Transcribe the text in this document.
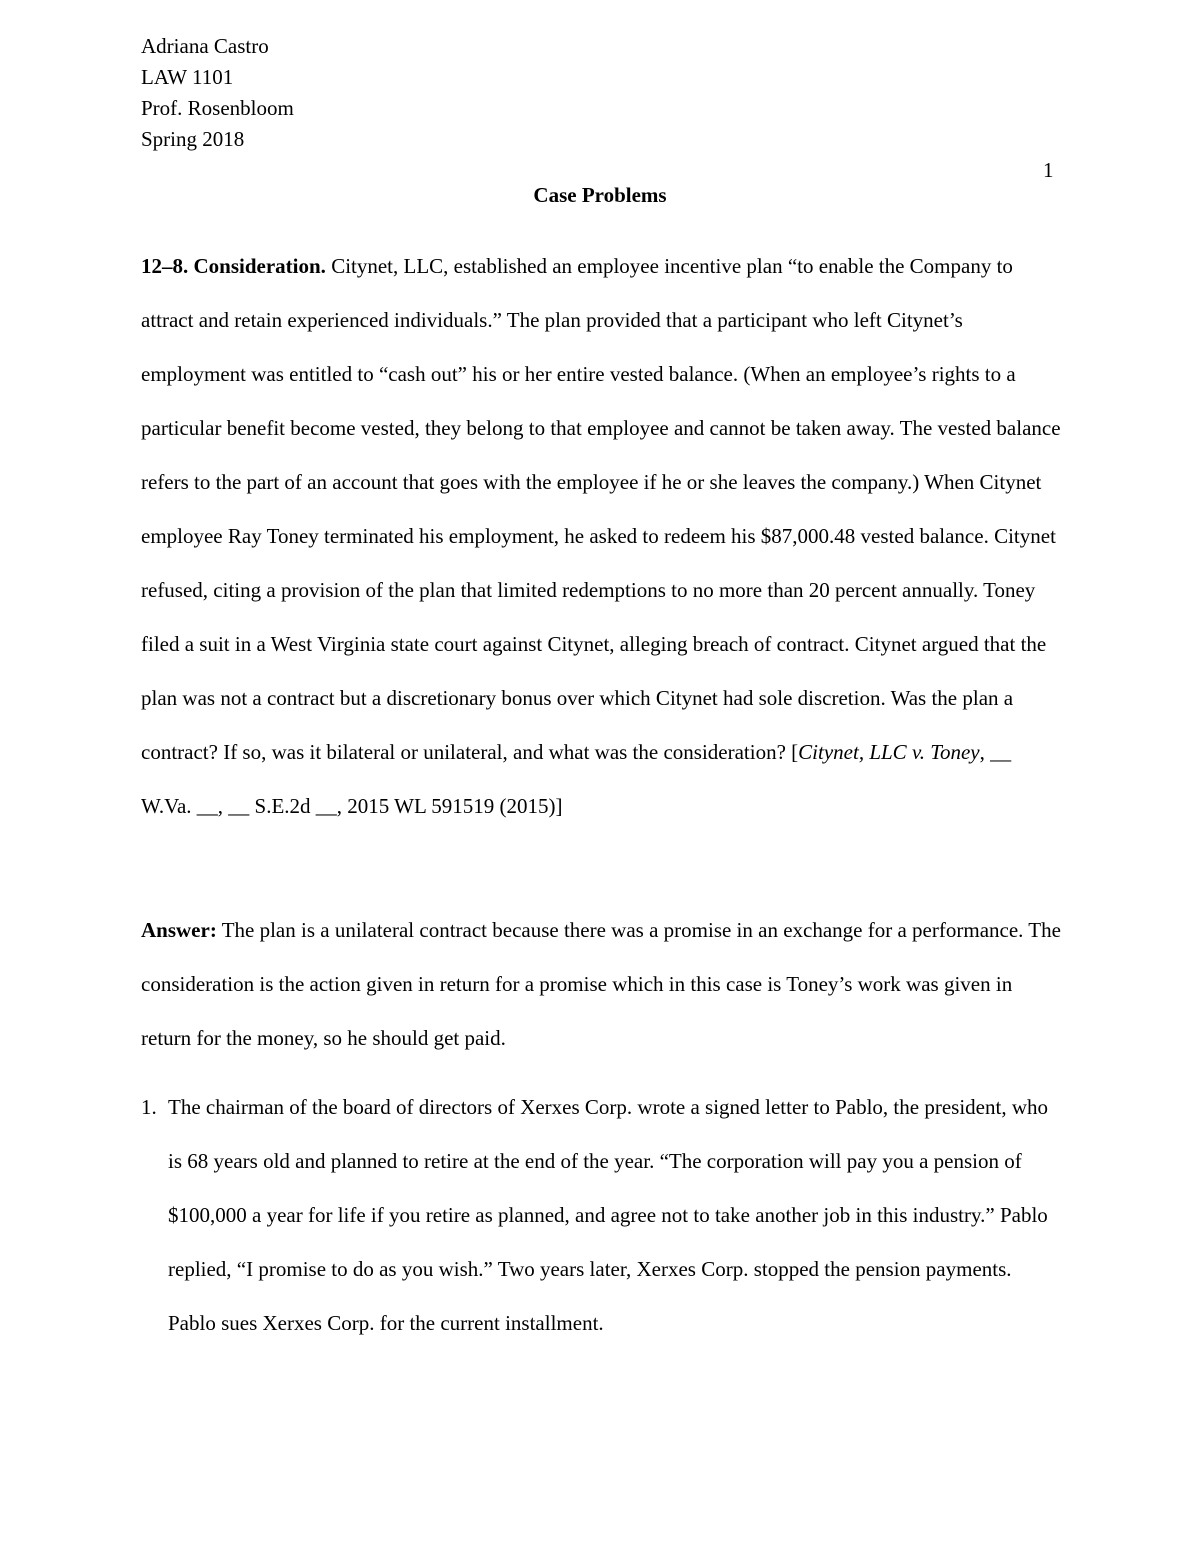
Adriana Castro
LAW 1101
Prof. Rosenbloom
Spring 2018
1
Case Problems

12–8. Consideration. Citynet, LLC, established an employee incentive plan “to enable the Company to attract and retain experienced individuals.” The plan provided that a participant who left Citynet’s employment was entitled to “cash out” his or her entire vested balance. (When an employee’s rights to a particular benefit become vested, they belong to that employee and cannot be taken away. The vested balance refers to the part of an account that goes with the employee if he or she leaves the company.) When Citynet employee Ray Toney terminated his employment, he asked to redeem his $87,000.48 vested balance. Citynet refused, citing a provision of the plan that limited redemptions to no more than 20 percent annually. Toney filed a suit in a West Virginia state court against Citynet, alleging breach of contract. Citynet argued that the plan was not a contract but a discretionary bonus over which Citynet had sole discretion. Was the plan a contract? If so, was it bilateral or unilateral, and what was the consideration? [Citynet, LLC v. Toney, __ W.Va. __, __ S.E.2d __, 2015 WL 591519 (2015)]

Answer: The plan is a unilateral contract because there was a promise in an exchange for a performance. The consideration is the action given in return for a promise which in this case is Toney’s work was given in return for the money, so he should get paid.

1. The chairman of the board of directors of Xerxes Corp. wrote a signed letter to Pablo, the president, who is 68 years old and planned to retire at the end of the year. “The corporation will pay you a pension of $100,000 a year for life if you retire as planned, and agree not to take another job in this industry.” Pablo replied, “I promise to do as you wish.” Two years later, Xerxes Corp. stopped the pension payments. Pablo sues Xerxes Corp. for the current installment.
